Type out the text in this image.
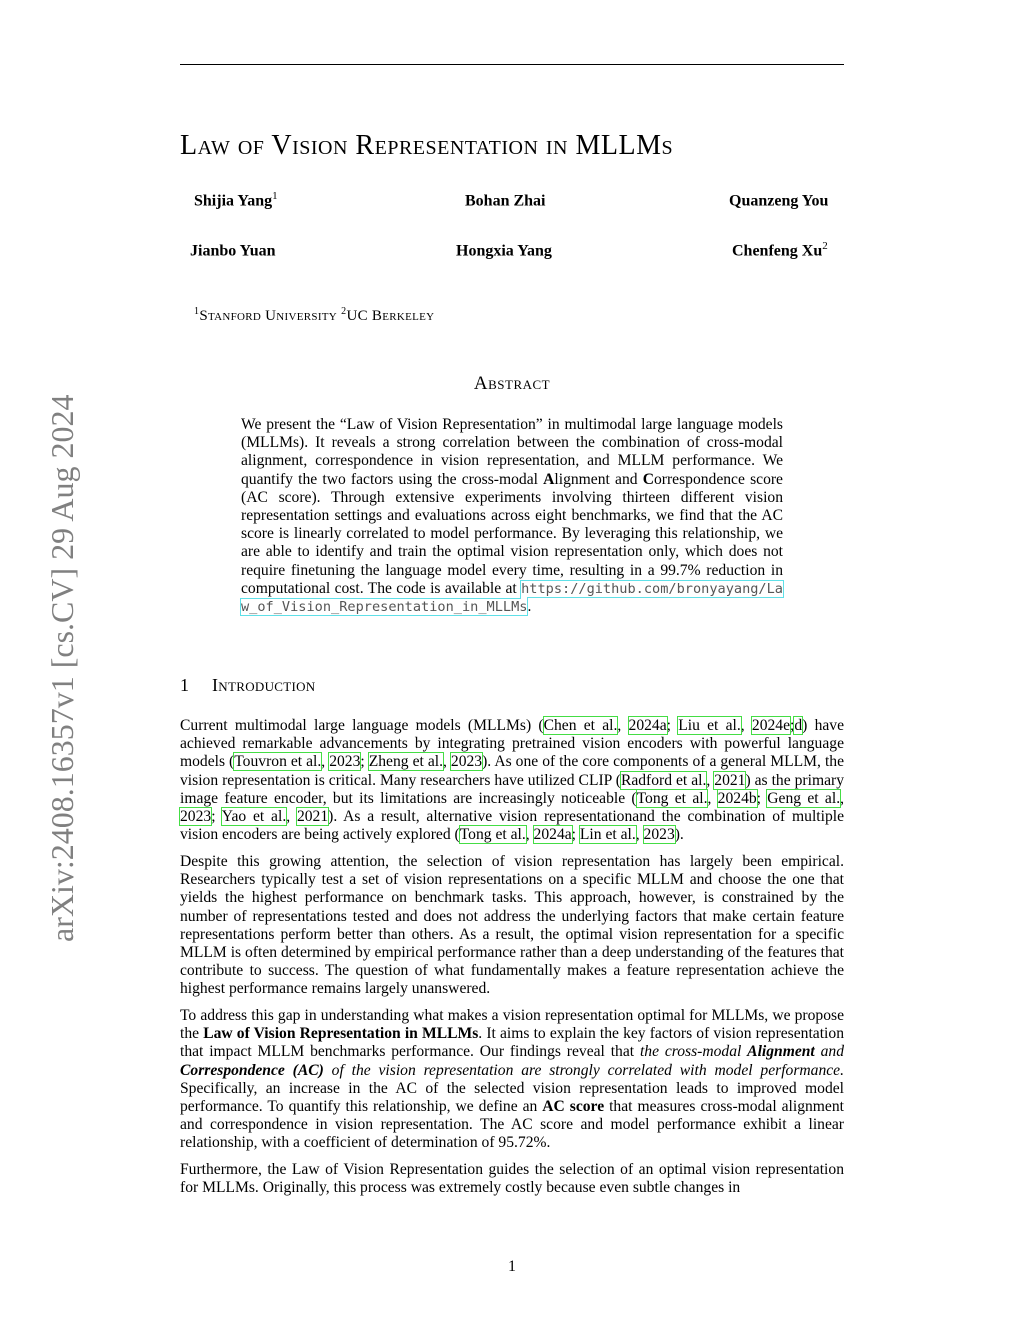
arXiv:2408.16357v1 [cs.CV] 29 Aug 2024
Law of Vision Representation in MLLMs
Shijia Yang$^1$	Bohan Zhai	Quanzeng You
Jianbo Yuan	Hongxia Yang	Chenfeng Xu$^2$
$^1$Stanford University $^2$UC Berkeley
Abstract
We present the “Law of Vision Representation” in multimodal large language models (MLLMs). It reveals a strong correlation between the combination of cross-modal alignment, correspondence in vision representation, and MLLM performance. We quantify the two factors using the cross-modal Alignment and Correspondence score (AC score). Through extensive experiments involving thirteen different vision representation settings and evaluations across eight benchmarks, we find that the AC score is linearly correlated to model performance. By leveraging this relationship, we are able to identify and train the optimal vision representation only, which does not require finetuning the language model every time, resulting in a 99.7% reduction in computational cost. The code is available at https://github.com/bronyayang/Law_of_Vision_Representation_in_MLLMs.
1 Introduction

Current multimodal large language models (MLLMs) (Chen et al., 2024a; Liu et al., 2024e;d) have achieved remarkable advancements by integrating pretrained vision encoders with powerful language models (Touvron et al., 2023; Zheng et al., 2023). As one of the core components of a general MLLM, the vision representation is critical. Many researchers have utilized CLIP (Radford et al., 2021) as the primary image feature encoder, but its limitations are increasingly noticeable (Tong et al., 2024b; Geng et al., 2023; Yao et al., 2021). As a result, alternative vision representationand the combination of multiple vision encoders are being actively explored (Tong et al., 2024a; Lin et al., 2023).

Despite this growing attention, the selection of vision representation has largely been empirical. Researchers typically test a set of vision representations on a specific MLLM and choose the one that yields the highest performance on benchmark tasks. This approach, however, is constrained by the number of representations tested and does not address the underlying factors that make certain feature representations perform better than others. As a result, the optimal vision representation for a specific MLLM is often determined by empirical performance rather than a deep understanding of the features that contribute to success. The question of what fundamentally makes a feature representation achieve the highest performance remains largely unanswered.

To address this gap in understanding what makes a vision representation optimal for MLLMs, we propose the Law of Vision Representation in MLLMs. It aims to explain the key factors of vision representation that impact MLLM benchmarks performance. Our findings reveal that the cross-modal Alignment and Correspondence (AC) of the vision representation are strongly correlated with model performance. Specifically, an increase in the AC of the selected vision representation leads to improved model performance. To quantify this relationship, we define an AC score that measures cross-modal alignment and correspondence in vision representation. The AC score and model performance exhibit a linear relationship, with a coefficient of determination of 95.72%.

Furthermore, the Law of Vision Representation guides the selection of an optimal vision representation for MLLMs. Originally, this process was extremely costly because even subtle changes in

1
